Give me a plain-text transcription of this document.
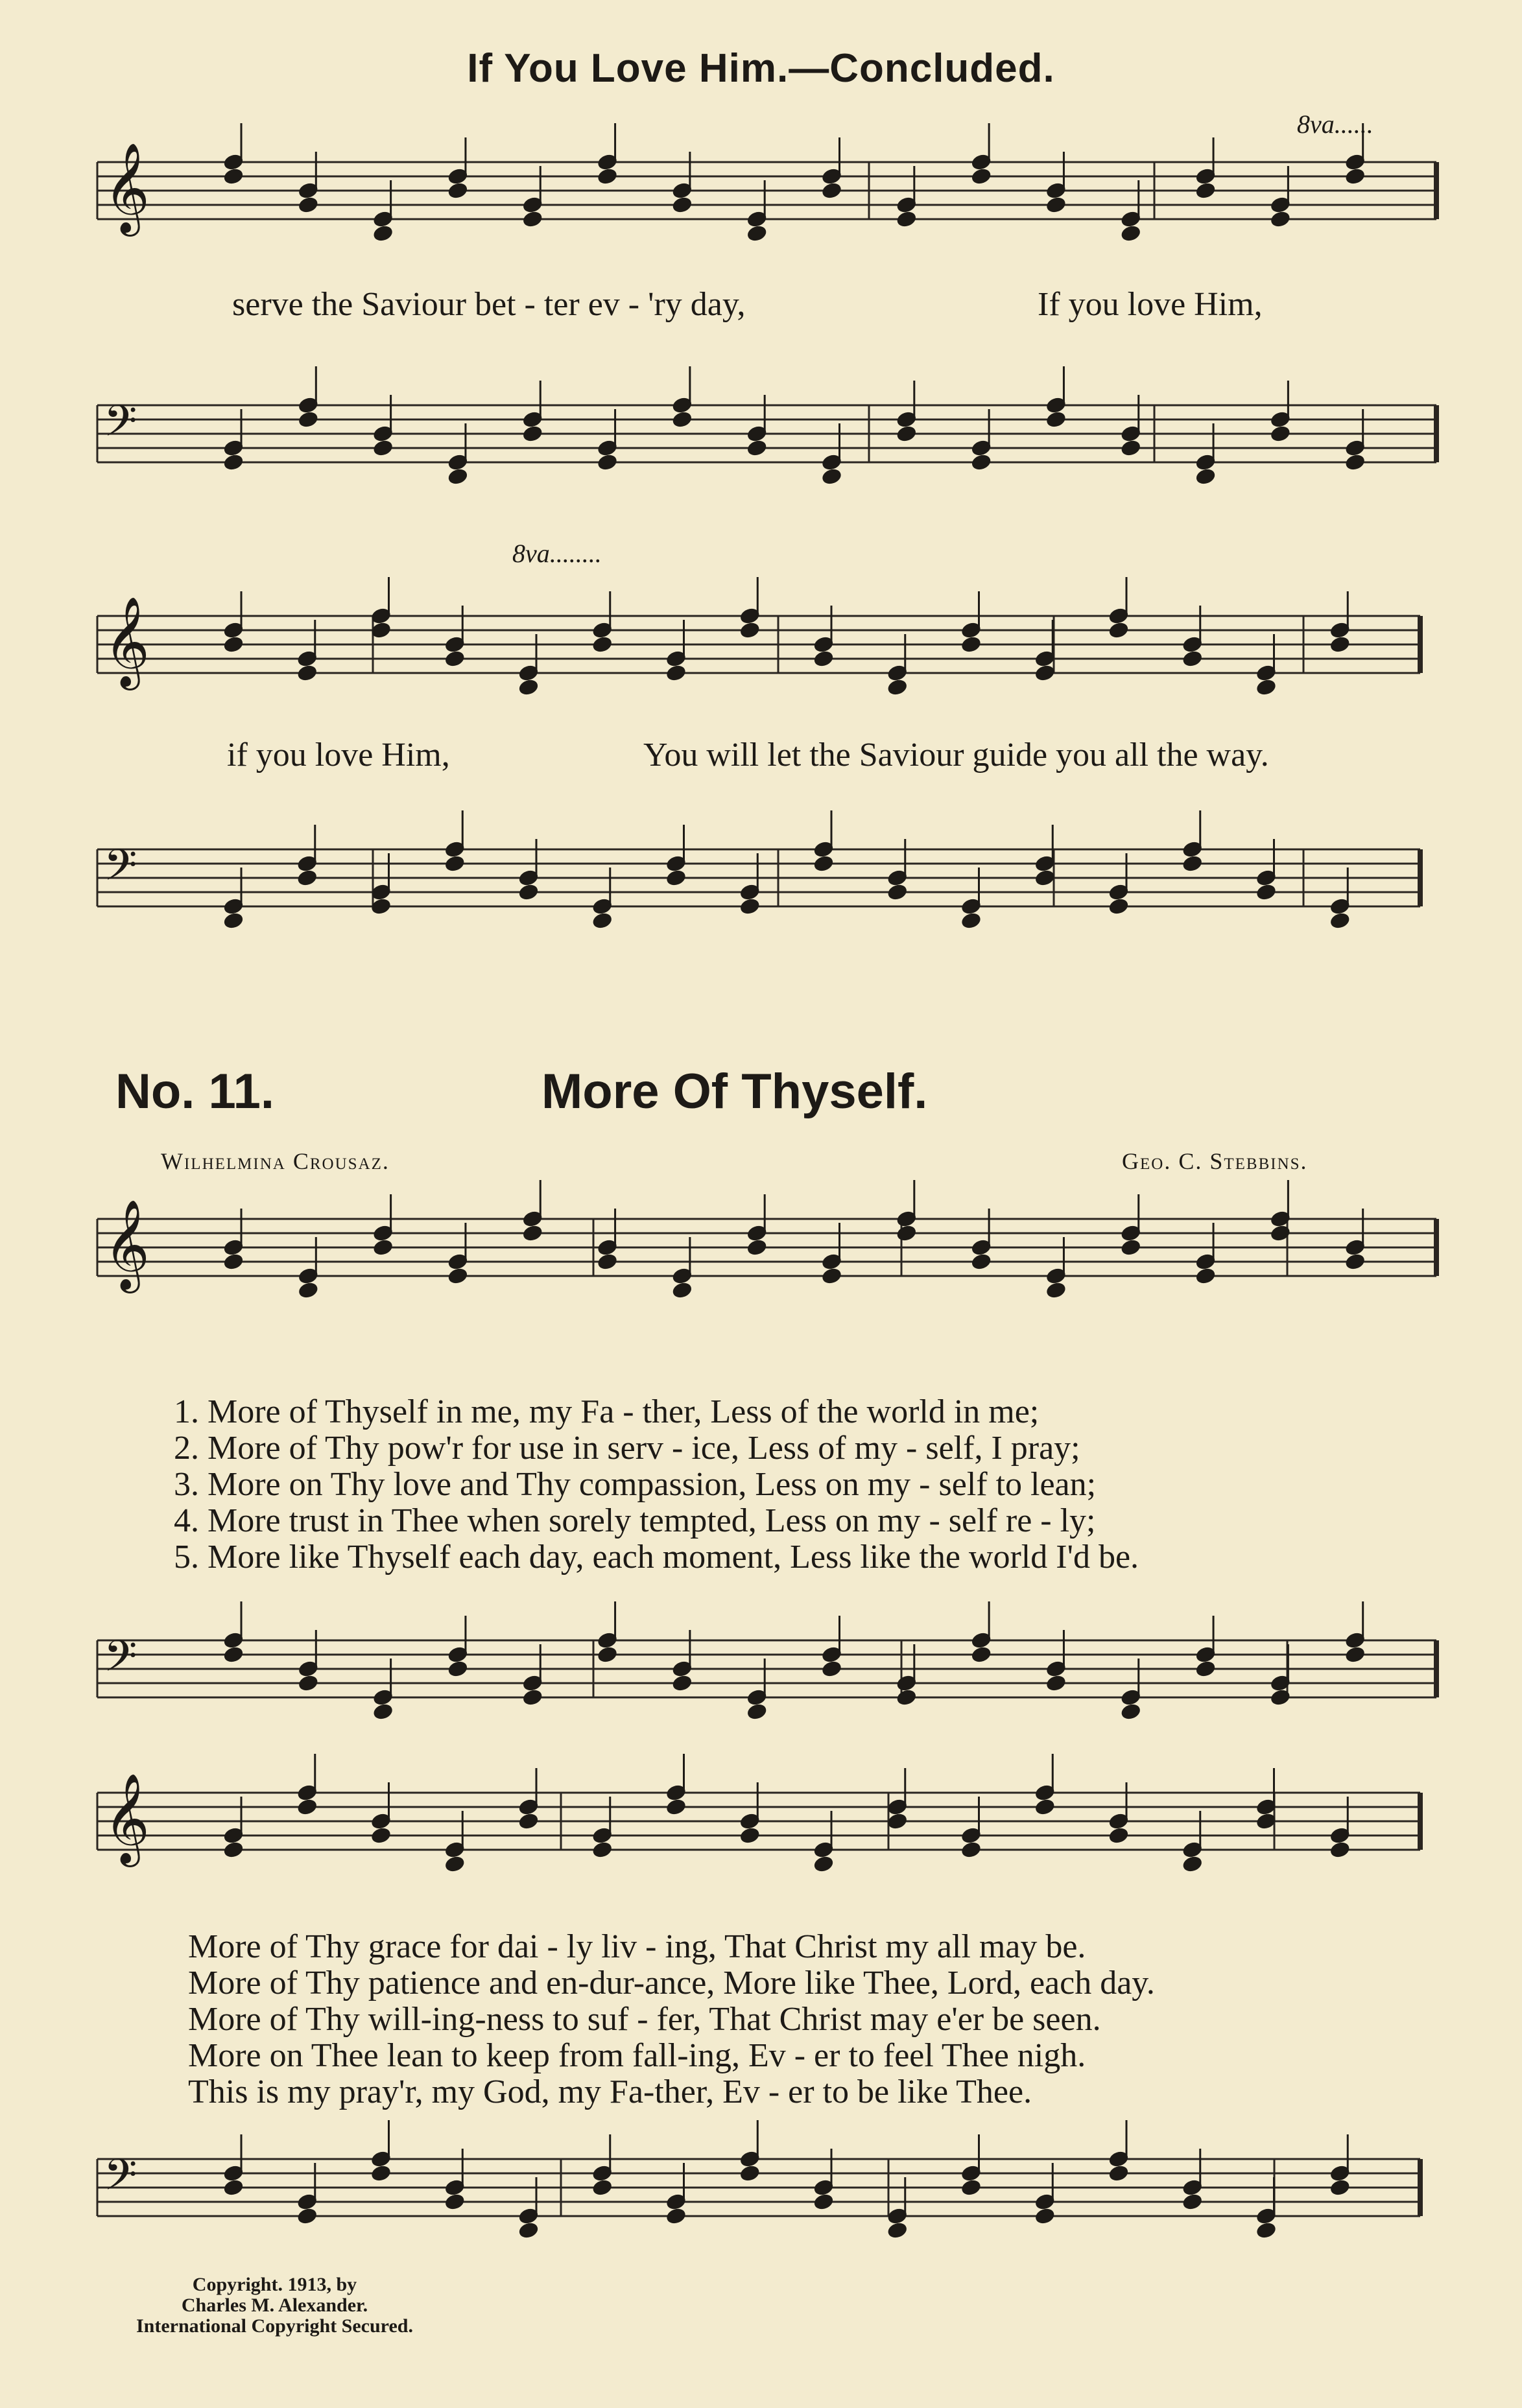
If You Love Him.—Concluded.
𝄞
𝄢
𝄞
𝄢
𝄞
𝄢
𝄞
𝄢
8va......
8va........
serve the Saviour bet - ter ev - 'ry day,	If you love Him,
if you love Him,	You will let the Saviour guide you all the way.
No. 11.	More Of Thyself.
Wilhelmina Crousaz.	Geo. C. Stebbins.
1. More of Thyself in me, my Fa - ther, Less of the world in me;
2. More of Thy pow'r for use in serv - ice, Less of my - self, I pray;
3. More on Thy love and Thy compassion, Less on my - self to lean;
4. More trust in Thee when sorely tempted, Less on my - self re - ly;
5. More like Thyself each day, each moment, Less like the world I'd be.
More of Thy grace for dai - ly liv - ing, That Christ my all may be.
More of Thy patience and en-dur-ance, More like Thee, Lord, each day.
More of Thy will-ing-ness to suf - fer, That Christ may e'er be seen.
More on Thee lean to keep from fall-ing, Ev - er to feel Thee nigh.
This is my pray'r, my God, my Fa-ther, Ev - er to be like Thee.
Copyright. 1913, by
Charles M. Alexander.
International Copyright Secured.
